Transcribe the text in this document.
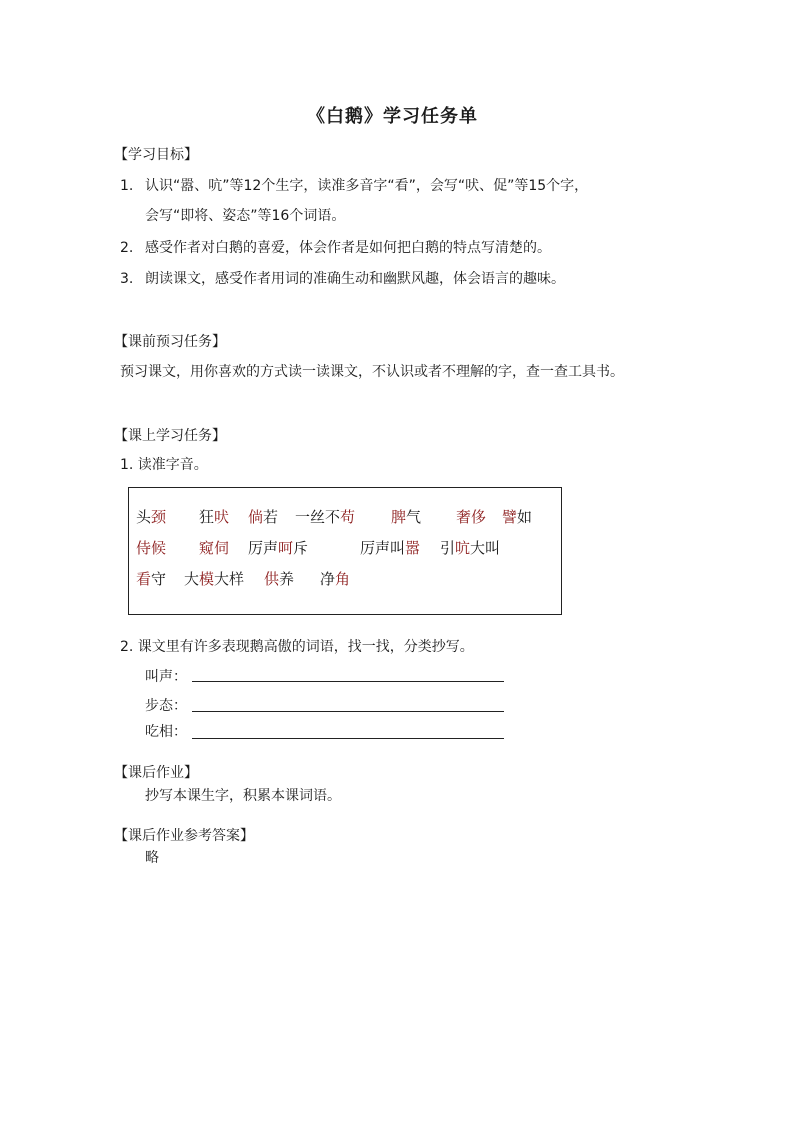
《白鹅》学习任务单
【学习目标】
1. 认识“嚣、吭”等12个生字，读准多音字“看”，会写“吠、促”等15个字，
会写“即将、姿态”等16个词语。
2. 感受作者对白鹅的喜爱，体会作者是如何把白鹅的特点写清楚的。
3. 朗读课文，感受作者用词的准确生动和幽默风趣，体会语言的趣味。
【课前预习任务】
预习课文，用你喜欢的方式读一读课文，不认识或者不理解的字，查一查工具书。
【课上学习任务】
1. 读准字音。
头颈 狂吠 倘若 一丝不苟 脾气 奢侈 譬如
侍候 窥伺 厉声呵斥	厉声叫嚣 引吭大叫
看守 大模大样 供养 净角
2. 课文里有许多表现鹅高傲的词语，找一找，分类抄写。
叫声：
步态：
吃相：
【课后作业】
抄写本课生字，积累本课词语。
【课后作业参考答案】
略
